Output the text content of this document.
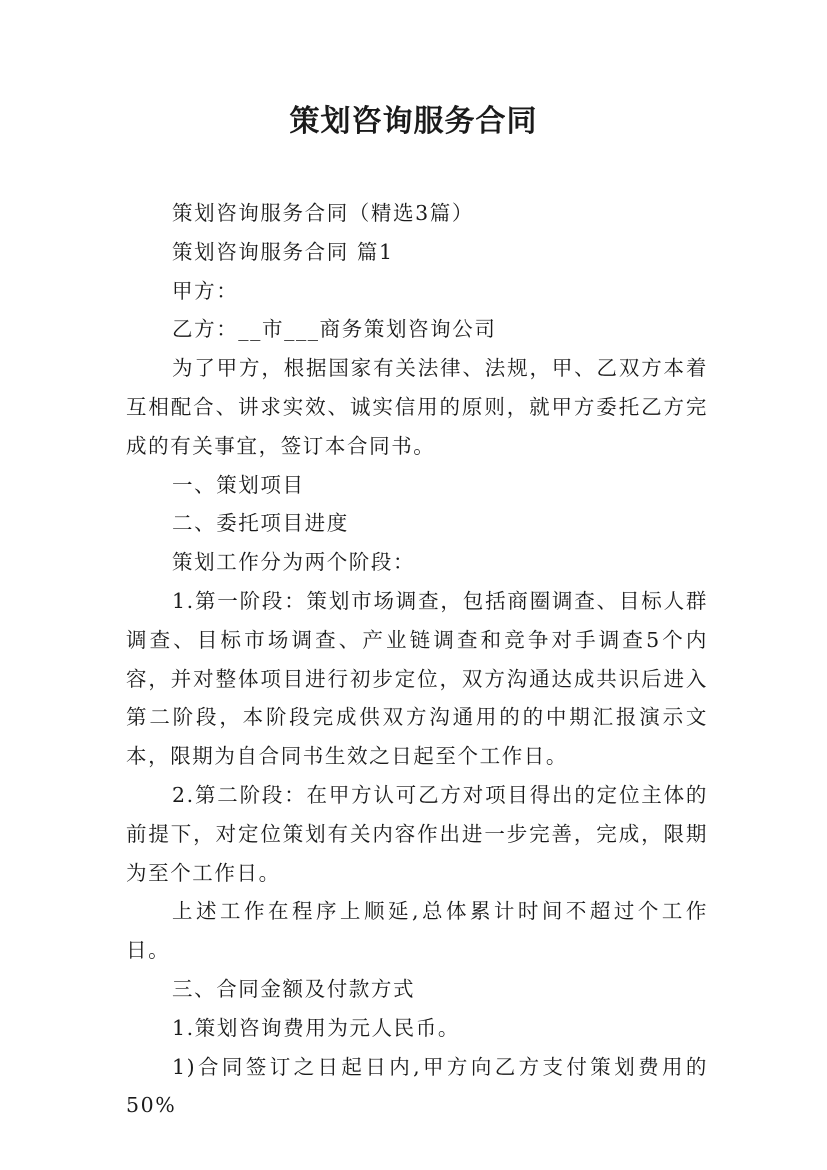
策划咨询服务合同

策划咨询服务合同（精选3篇）

策划咨询服务合同 篇1

甲方：

乙方：__市___商务策划咨询公司

为了甲方，根据国家有关法律、法规，甲、乙双方本着互相配合、讲求实效、诚实信用的原则，就甲方委托乙方完成的有关事宜，签订本合同书。

一、策划项目

二、委托项目进度

策划工作分为两个阶段：

1.第一阶段：策划市场调查，包括商圈调查、目标人群调查、目标市场调查、产业链调查和竞争对手调查5个内容，并对整体项目进行初步定位，双方沟通达成共识后进入第二阶段，本阶段完成供双方沟通用的的中期汇报演示文本，限期为自合同书生效之日起至个工作日。

2.第二阶段：在甲方认可乙方对项目得出的定位主体的前提下，对定位策划有关内容作出进一步完善，完成，限期为至个工作日。

上述工作在程序上顺延,总体累计时间不超过个工作日。

三、合同金额及付款方式

1.策划咨询费用为元人民币。

1)合同签订之日起日内,甲方向乙方支付策划费用的50%
